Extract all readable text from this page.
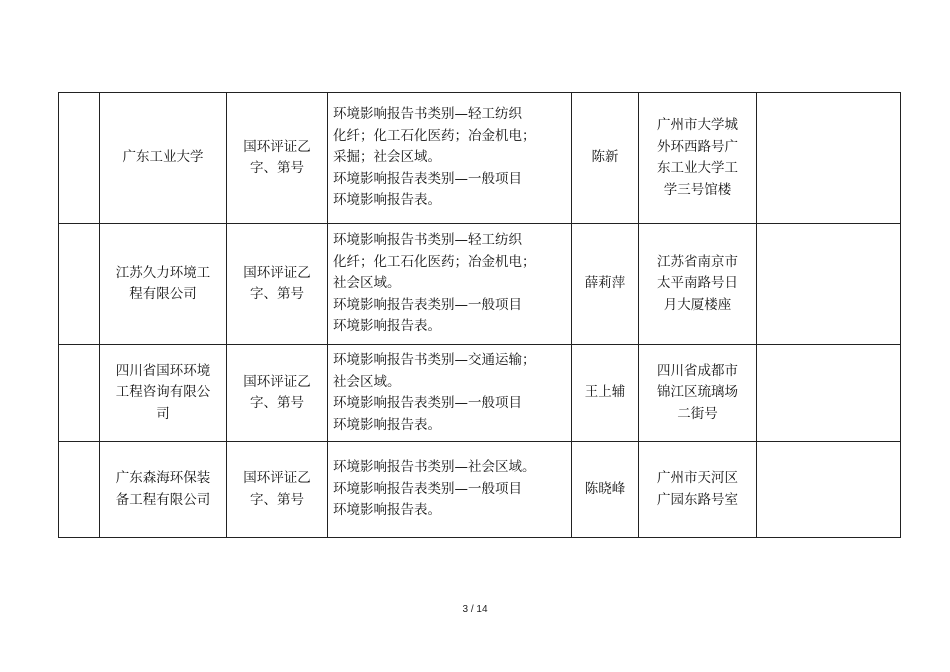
	广东工业大学	国环评证乙
字、第号	环境影响报告书类别—轻工纺织
化纤；化工石化医药；冶金机电；
采掘；社会区域。
环境影响报告表类别—一般项目
环境影响报告表。	陈新	广州市大学城
外环西路号广
东工业大学工
学三号馆楼	

	江苏久力环境工
程有限公司	国环评证乙
字、第号	环境影响报告书类别—轻工纺织
化纤；化工石化医药；冶金机电；
社会区域。
环境影响报告表类别—一般项目
环境影响报告表。	薛莉萍	江苏省南京市
太平南路号日
月大厦楼座	

	四川省国环环境
工程咨询有限公
司	国环评证乙
字、第号	环境影响报告书类别—交通运输；
社会区域。
环境影响报告表类别—一般项目
环境影响报告表。	王上辅	四川省成都市
锦江区琉璃场
二街号	

	广东森海环保装
备工程有限公司	国环评证乙
字、第号	环境影响报告书类别—社会区域。
环境影响报告表类别—一般项目
环境影响报告表。	陈晓峰	广州市天河区
广园东路号室	

3 / 14
